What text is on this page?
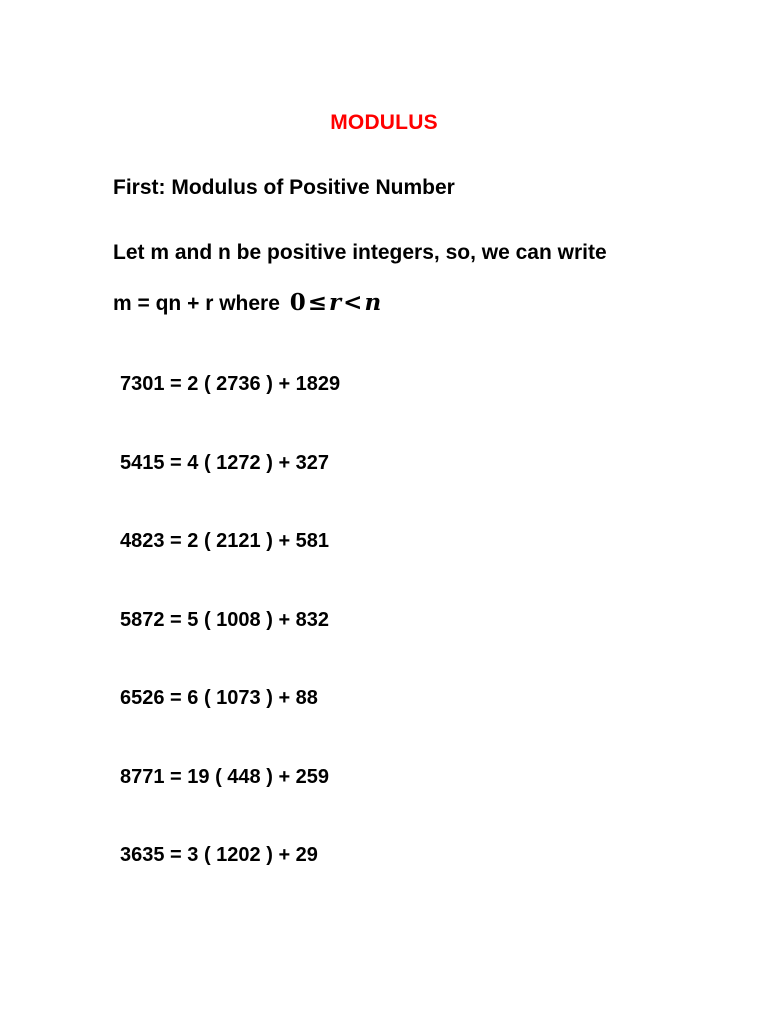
MODULUS
First: Modulus of Positive Number
Let m and n be positive integers, so, we can write
m = qn + r where 0≤r<n
7301 = 2 ( 2736 ) + 1829
5415 = 4 ( 1272 ) + 327
4823 = 2 ( 2121 ) + 581
5872 = 5 ( 1008 ) + 832
6526 = 6 ( 1073 ) + 88
8771 = 19 ( 448 ) + 259
3635 = 3 ( 1202 ) + 29
